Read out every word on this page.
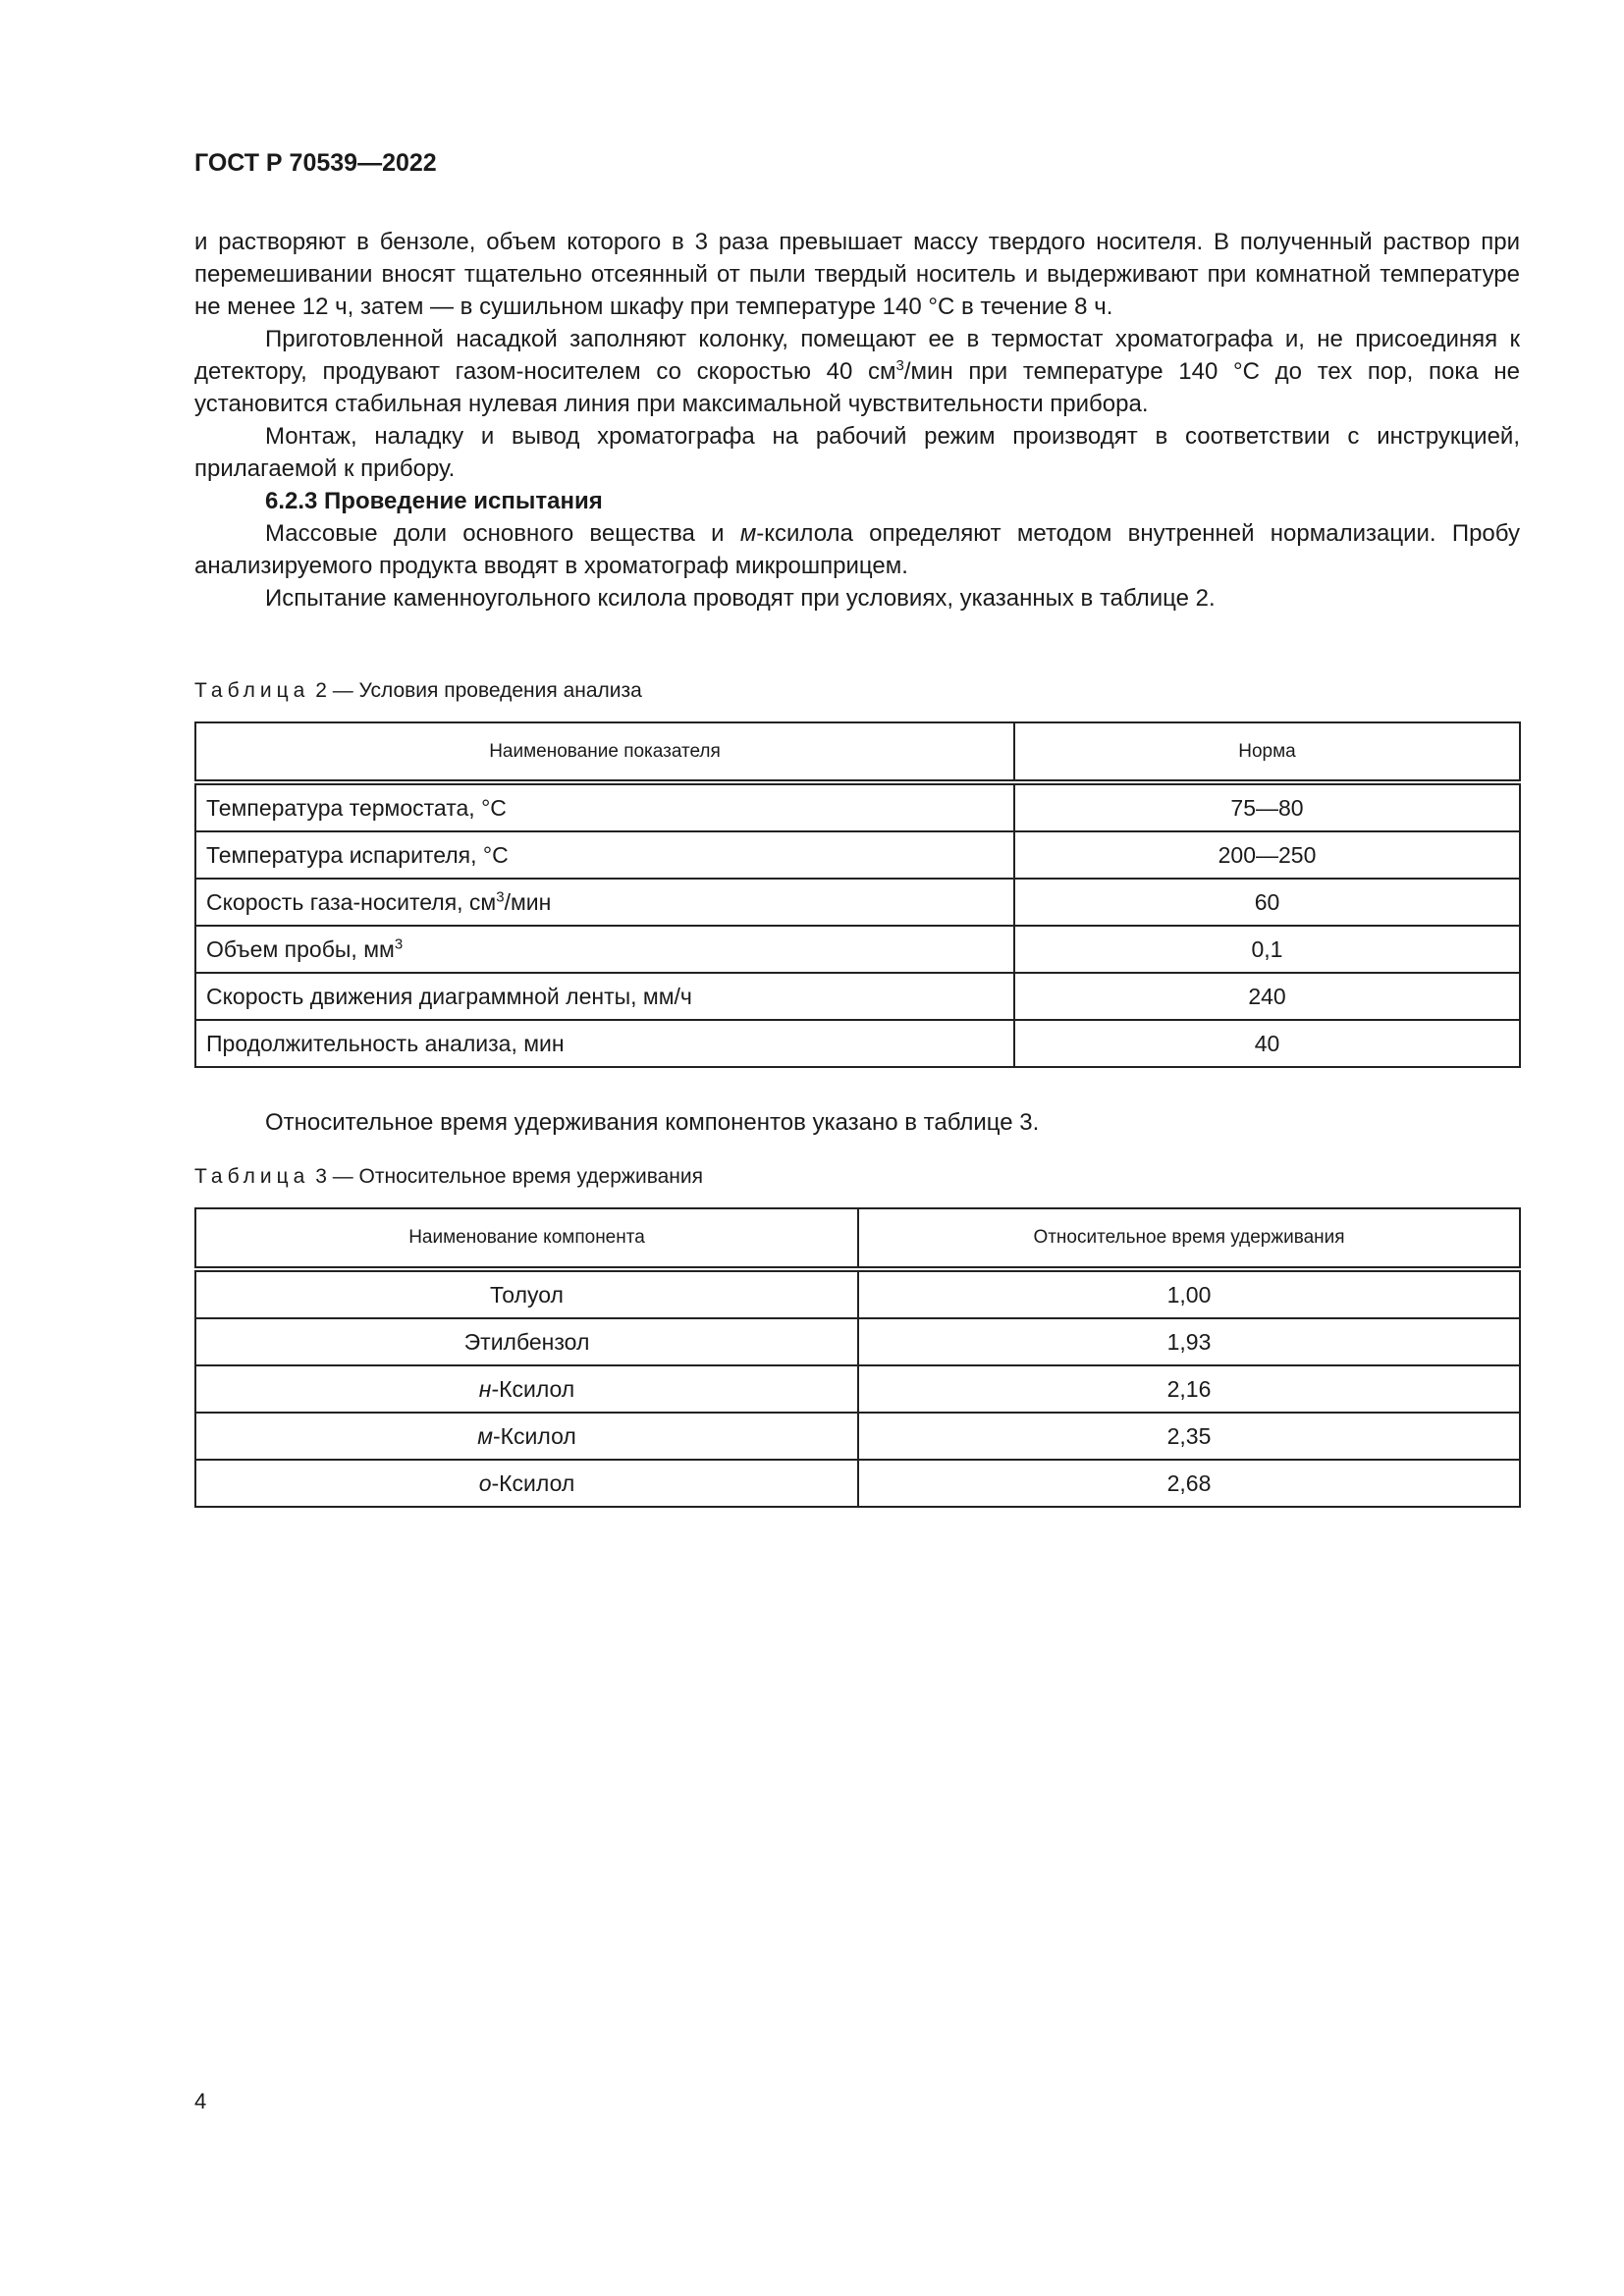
ГОСТ Р 70539—2022

и растворяют в бензоле, объем которого в 3 раза превышает массу твердого носителя. В полученный раствор при перемешивании вносят тщательно отсеянный от пыли твердый носитель и выдерживают при комнатной температуре не менее 12 ч, затем — в сушильном шкафу при температуре 140 °С в течение 8 ч.

Приготовленной насадкой заполняют колонку, помещают ее в термостат хроматографа и, не присоединяя к детектору, продувают газом-носителем со скоростью 40 $см^3$/мин при температуре 140 °С до тех пор, пока не установится стабильная нулевая линия при максимальной чувствительности прибора.

Монтаж, наладку и вывод хроматографа на рабочий режим производят в соответствии с инструкцией, прилагаемой к прибору.

6.2.3 Проведение испытания

Массовые доли основного вещества и м-ксилола определяют методом внутренней нормализации. Пробу анализируемого продукта вводят в хроматограф микрошприцем.

Испытание каменноугольного ксилола проводят при условиях, указанных в таблице 2.

Таблица 2 — Условия проведения анализа
Наименование показателя	Норма
Температура термостата, °С	75—80
Температура испарителя, °С	200—250
Скорость газа-носителя, $см^3$/мин	60
Объем пробы, $мм^3$	0,1
Скорость движения диаграммной ленты, мм/ч	240
Продолжительность анализа, мин	40
Относительное время удерживания компонентов указано в таблице 3.
Таблица 3 — Относительное время удерживания
Наименование компонента	Относительное время удерживания
Толуол	1,00
Этилбензол	1,93
н-Ксилол	2,16
м-Ксилол	2,35
о-Ксилол	2,68
4
